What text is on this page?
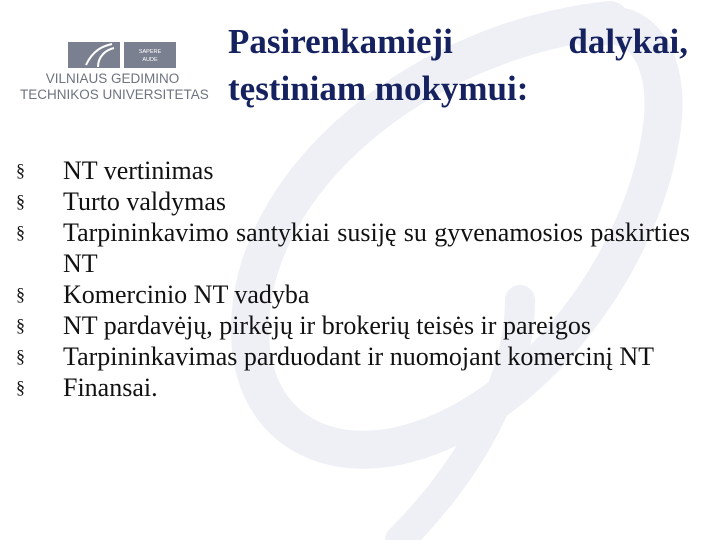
SAPERE
AUDE
VILNIAUS GEDIMINO
TECHNIKOS UNIVERSITETAS
Pasirenkamieji	dalykai,
tęstiniam mokymui:
§	NT vertinimas
§	Turto valdymas
§	Tarpininkavimo santykiai susiję su gyvenamosios paskirties NT
§	Komercinio NT vadyba
§	NT pardavėjų, pirkėjų ir brokerių teisės ir pareigos
§	Tarpininkavimas parduodant ir nuomojant komercinį NT
§	Finansai.
